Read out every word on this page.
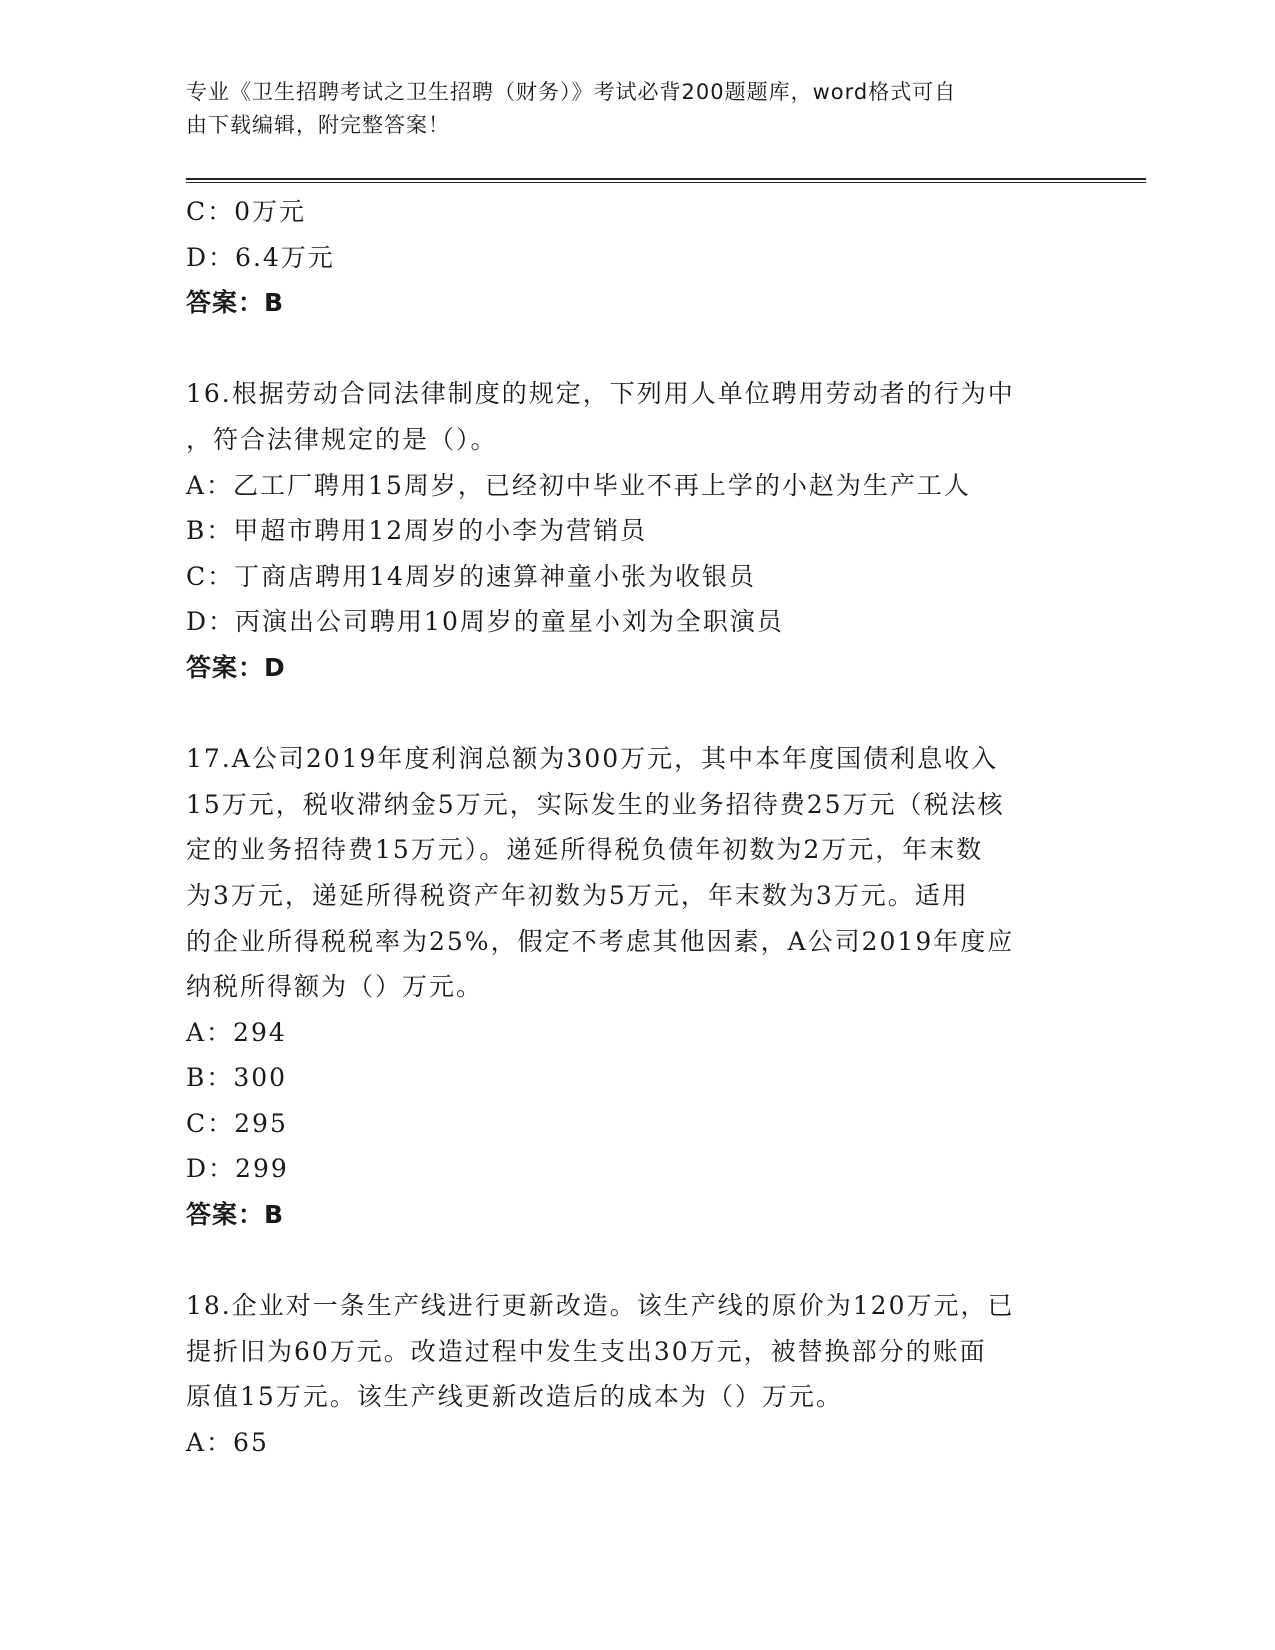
专业《卫生招聘考试之卫生招聘（财务）》考试必背200题题库，word格式可自
由下载编辑，附完整答案！
C：0万元
D：6.4万元
答案：B
16.根据劳动合同法律制度的规定，下列用人单位聘用劳动者的行为中
，符合法律规定的是（）。
A：乙工厂聘用15周岁，已经初中毕业不再上学的小赵为生产工人
B：甲超市聘用12周岁的小李为营销员
C：丁商店聘用14周岁的速算神童小张为收银员
D：丙演出公司聘用10周岁的童星小刘为全职演员
答案：D
17.A公司2019年度利润总额为300万元，其中本年度国债利息收入
15万元，税收滞纳金5万元，实际发生的业务招待费25万元（税法核
定的业务招待费15万元）。递延所得税负债年初数为2万元，年末数
为3万元，递延所得税资产年初数为5万元，年末数为3万元。适用
的企业所得税税率为25%，假定不考虑其他因素，A公司2019年度应
纳税所得额为（）万元。
A：294
B：300
C：295
D：299
答案：B
18.企业对一条生产线进行更新改造。该生产线的原价为120万元，已
提折旧为60万元。改造过程中发生支出30万元，被替换部分的账面
原值15万元。该生产线更新改造后的成本为（）万元。
A：65
